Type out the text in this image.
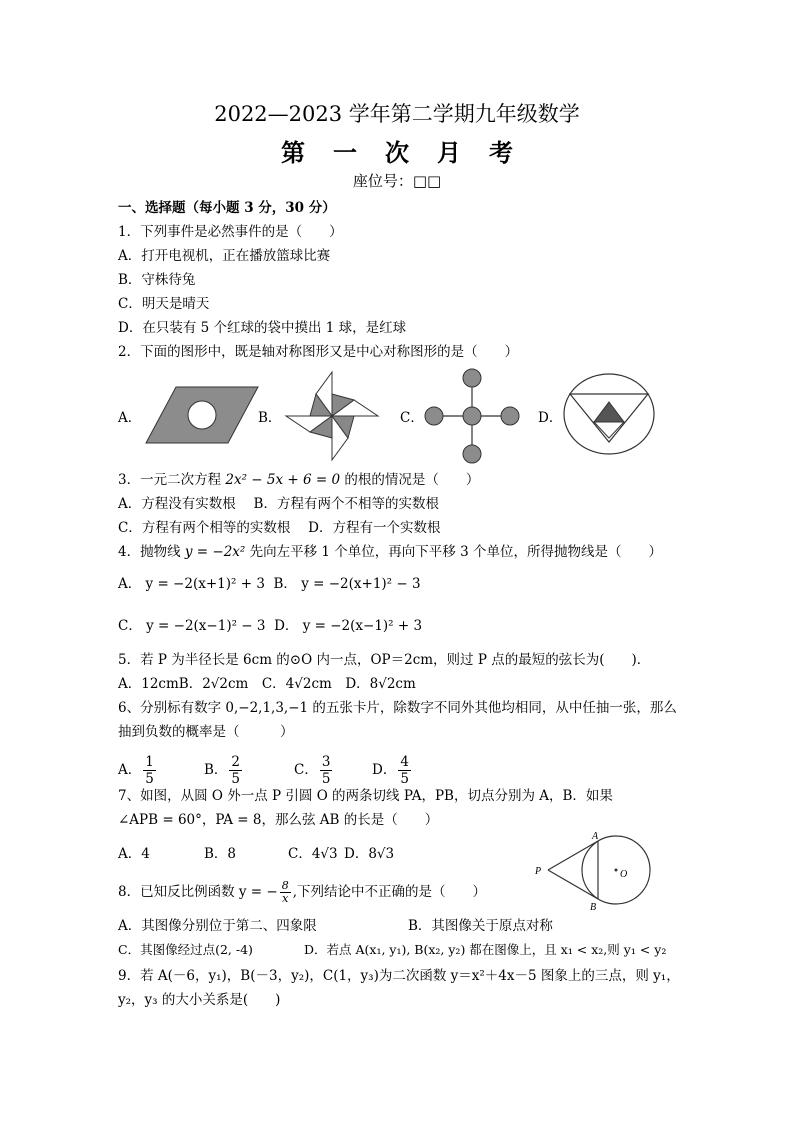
2022—2023 学年第二学期九年级数学
第一次月考
座位号：□□
一、选择题（每小题 3 分，30 分）
1．下列事件是必然事件的是（　　）
A．打开电视机，正在播放篮球比赛
B．守株待兔
C．明天是晴天
D．在只装有 5 个红球的袋中摸出 1 球，是红球
2．下面的图形中，既是轴对称图形又是中心对称图形的是（　　）
A．	B．	C．	D．
3．一元二次方程 2x² − 5x + 6 = 0 的根的情况是（　　）
A．方程没有实数根　 B．方程有两个不相等的实数根
C．方程有两个相等的实数根　 D．方程有一个实数根
4．抛物线 y = −2x² 先向左平移 1 个单位，再向下平移 3 个单位，所得抛物线是（　　）
A． y = −2(x+1)² + 3 B． y = −2(x+1)² − 3
C． y = −2(x−1)² − 3 D． y = −2(x−1)² + 3
5．若 P 为半径长是 6cm 的⊙O 内一点，OP＝2cm，则过 P 点的最短的弦长为(　　)．
A．12cmB．2√2cm　C．4√2cm　D．8√2cm
6、分别标有数字 0,−2,1,3,−1 的五张卡片，除数字不同外其他均相同，从中任抽一张，那么
抽到负数的概率是（　　　）
A． $\frac{1}{5}$	B． $\frac{2}{5}$	C． $\frac{3}{5}$	D． $\frac{4}{5}$
7、如图，从圆 O 外一点 P 引圆 O 的两条切线 PA，PB，切点分别为 A，B．如果
∠APB = 60°，PA = 8，那么弦 AB 的长是（　　）
A．4	B．8	C．4√3 D．8√3
P
A
B
O
8．已知反比例函数 y = − $\frac{8}{x}$ ,下列结论中不正确的是（　　）
A．其图像分别位于第二、四象限	B．其图像关于原点对称
C．其图像经过点(2, -4)	D．若点 A(x₁, y₁), B(x₂, y₂) 都在图像上，且 x₁ < x₂,则 y₁ < y₂
9．若 A(－6，y₁)，B(－3，y₂)，C(1，y₃)为二次函数 y＝x²＋4x－5 图象上的三点，则 y₁，
y₂，y₃ 的大小关系是(　　)
